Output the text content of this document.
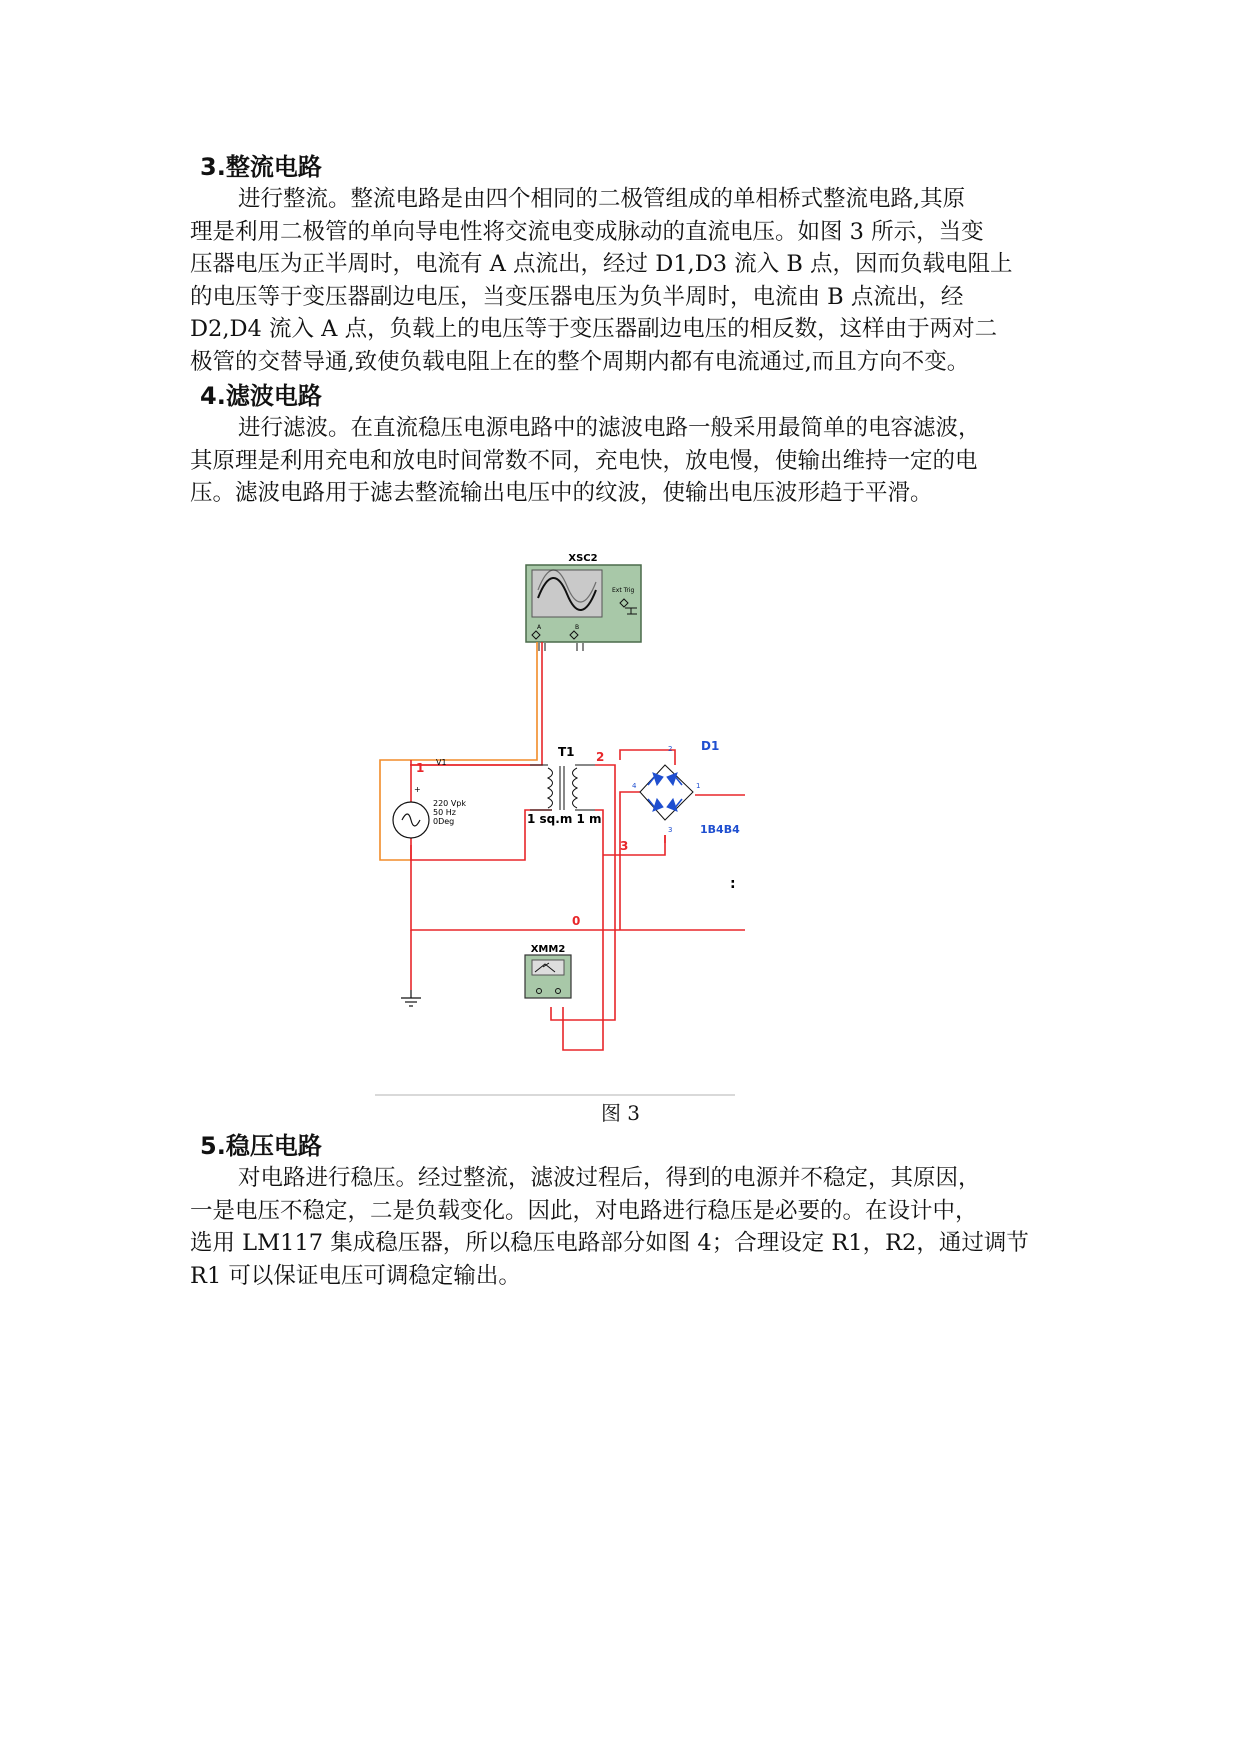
3.整流电路
进行整流。整流电路是由四个相同的二极管组成的单相桥式整流电路,其原
理是利用二极管的单向导电性将交流电变成脉动的直流电压。如图 3 所示，当变
压器电压为正半周时，电流有 A 点流出，经过 D1,D3 流入 B 点，因而负载电阻上
的电压等于变压器副边电压，当变压器电压为负半周时，电流由 B 点流出，经
D2,D4 流入 A 点，负载上的电压等于变压器副边电压的相反数，这样由于两对二
极管的交替导通,致使负载电阻上在的整个周期内都有电流通过,而且方向不变。
4.滤波电路
进行滤波。在直流稳压电源电路中的滤波电路一般采用最简单的电容滤波，
其原理是利用充电和放电时间常数不同，充电快，放电慢，使输出维持一定的电
压。滤波电路用于滤去整流输出电压中的纹波，使输出电压波形趋于平滑。
XSC2
Ext Trig
A	B
+
XMM2
1
2
3
0
V1
220 Vpk
50 Hz
0Deg
T1
1 sq.m 1 m
D1
1B4B4
2
4	1
3
:
图 3
5.稳压电路
对电路进行稳压。经过整流，滤波过程后，得到的电源并不稳定，其原因，
一是电压不稳定，二是负载变化。因此，对电路进行稳压是必要的。在设计中，
选用 LM117 集成稳压器，所以稳压电路部分如图 4；合理设定 R1，R2，通过调节
R1 可以保证电压可调稳定输出。
